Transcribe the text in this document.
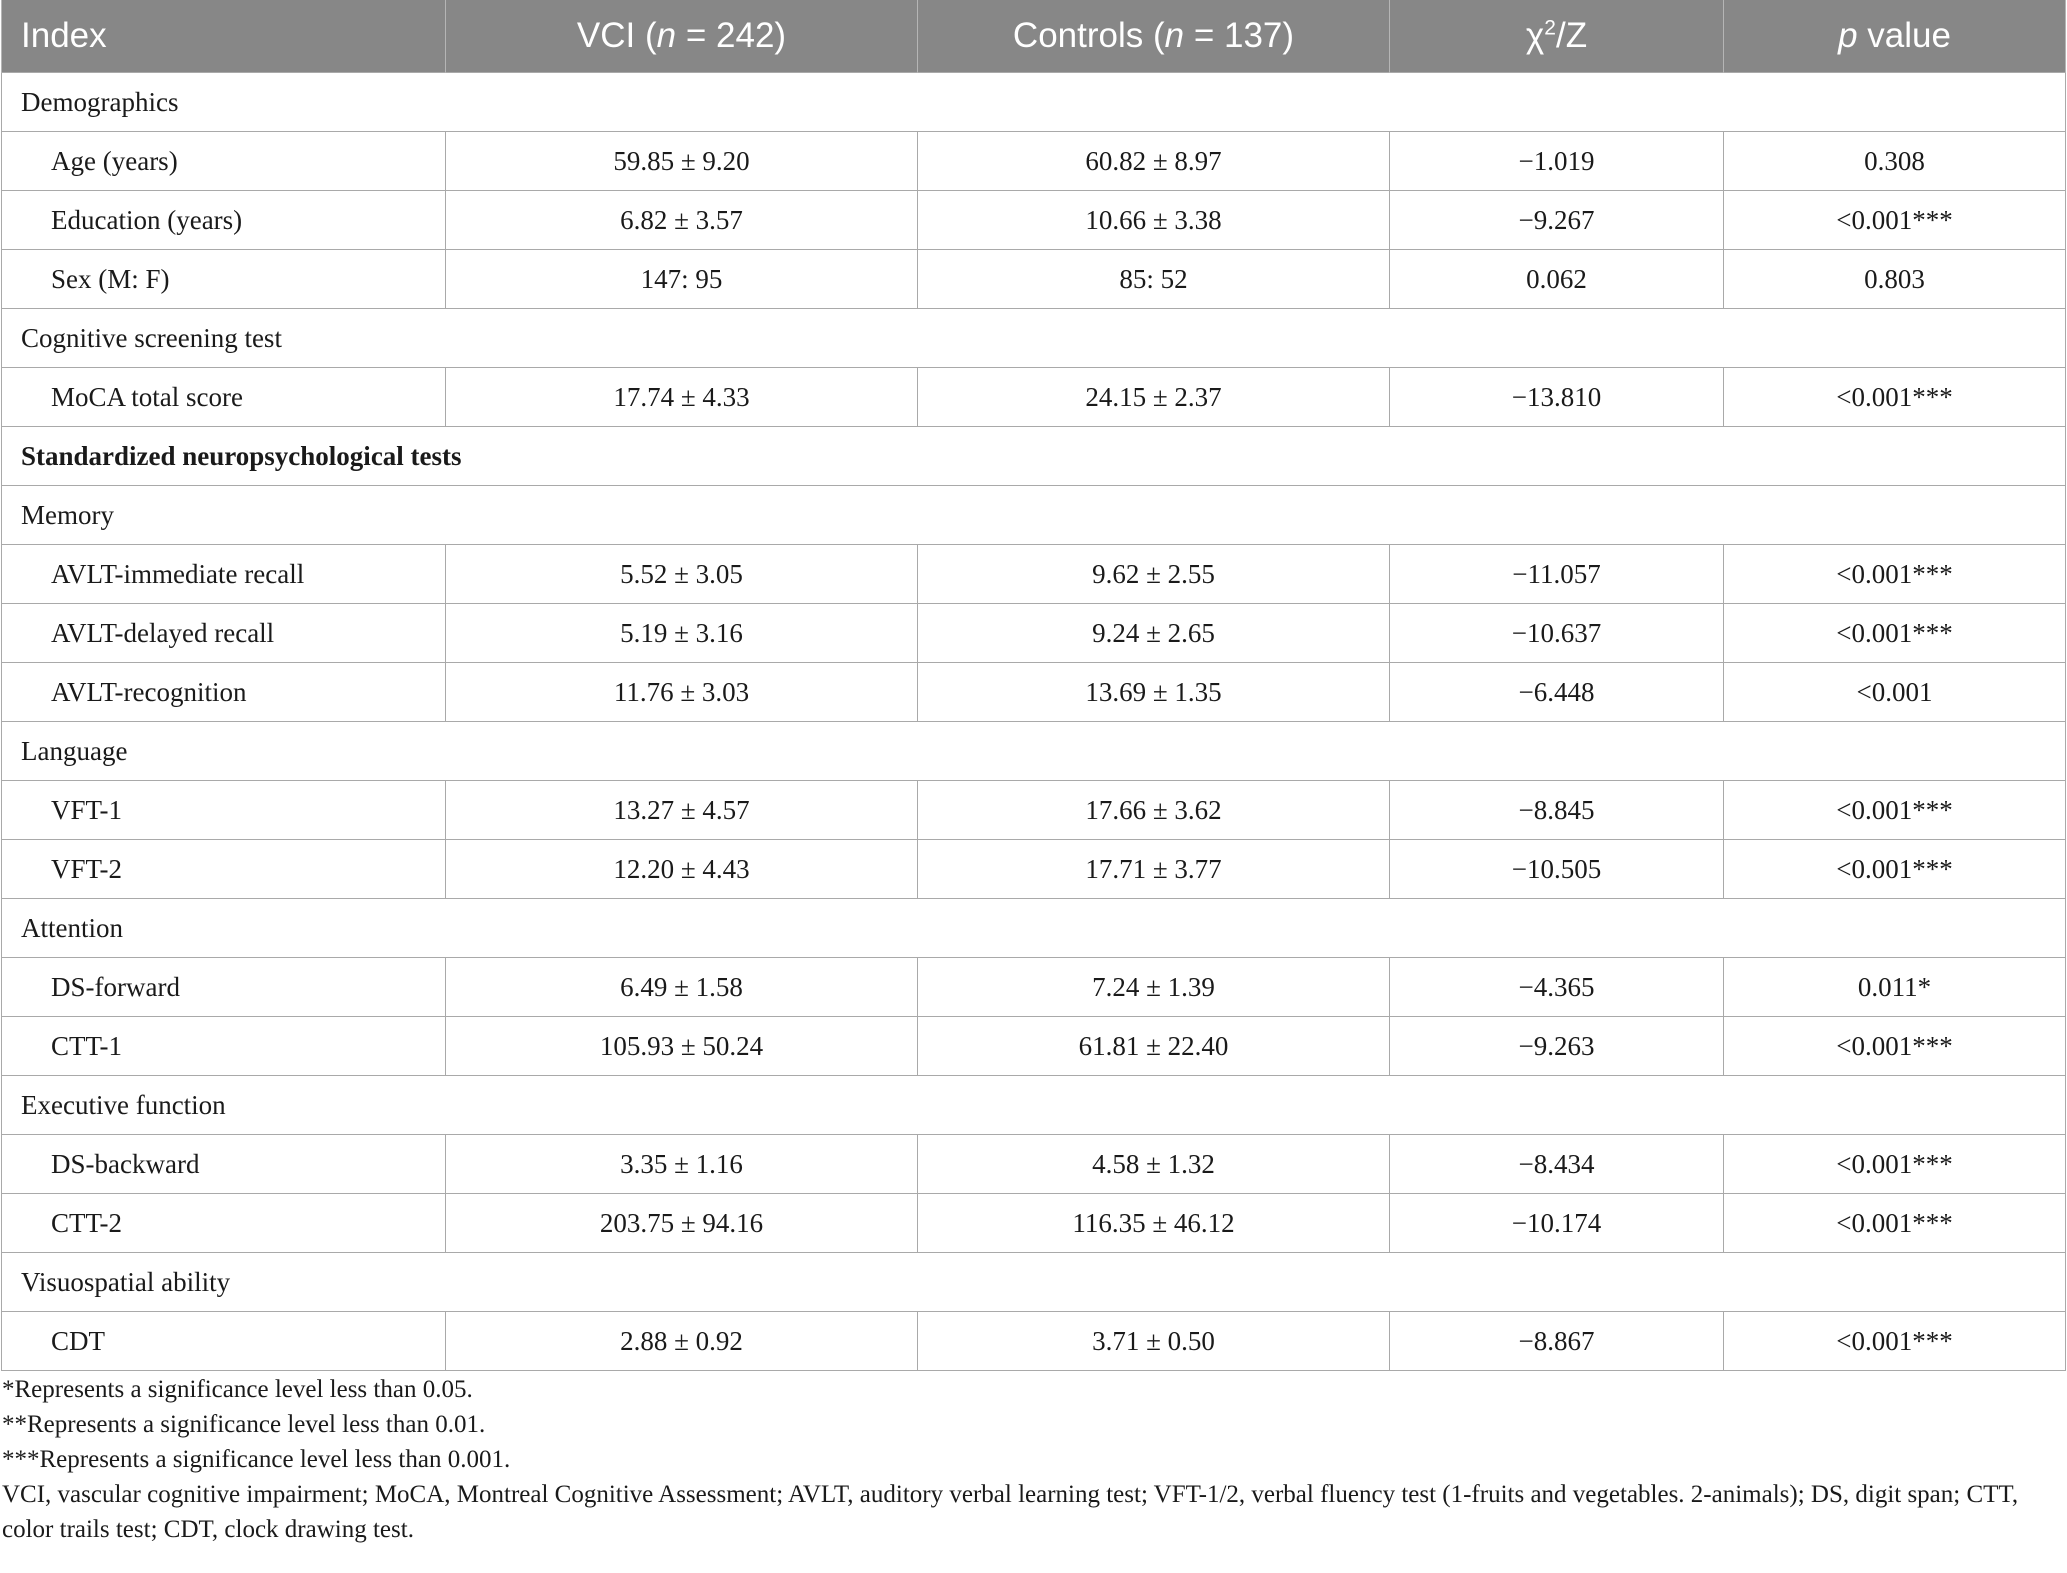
Index	VCI (n = 242)	Controls (n = 137)	$\chi^2/Z$	p value
Demographics				
Age (years)	59.85 ± 9.20	60.82 ± 8.97	−1.019	0.308
Education (years)	6.82 ± 3.57	10.66 ± 3.38	−9.267	<0.001***
Sex (M: F)	147: 95	85: 52	0.062	0.803
Cognitive screening test				
MoCA total score	17.74 ± 4.33	24.15 ± 2.37	−13.810	<0.001***
Standardized neuropsychological tests				
Memory				
AVLT-immediate recall	5.52 ± 3.05	9.62 ± 2.55	−11.057	<0.001***
AVLT-delayed recall	5.19 ± 3.16	9.24 ± 2.65	−10.637	<0.001***
AVLT-recognition	11.76 ± 3.03	13.69 ± 1.35	−6.448	<0.001
Language				
VFT-1	13.27 ± 4.57	17.66 ± 3.62	−8.845	<0.001***
VFT-2	12.20 ± 4.43	17.71 ± 3.77	−10.505	<0.001***
Attention				
DS-forward	6.49 ± 1.58	7.24 ± 1.39	−4.365	0.011*
CTT-1	105.93 ± 50.24	61.81 ± 22.40	−9.263	<0.001***
Executive function				
DS-backward	3.35 ± 1.16	4.58 ± 1.32	−8.434	<0.001***
CTT-2	203.75 ± 94.16	116.35 ± 46.12	−10.174	<0.001***
Visuospatial ability				
CDT	2.88 ± 0.92	3.71 ± 0.50	−8.867	<0.001***

*Represents a significance level less than 0.05.

**Represents a significance level less than 0.01.

***Represents a significance level less than 0.001.

VCI, vascular cognitive impairment; MoCA, Montreal Cognitive Assessment; AVLT, auditory verbal learning test; VFT-1/2, verbal fluency test (1-fruits and vegetables. 2-animals); DS, digit span; CTT, color trails test; CDT, clock drawing test.
